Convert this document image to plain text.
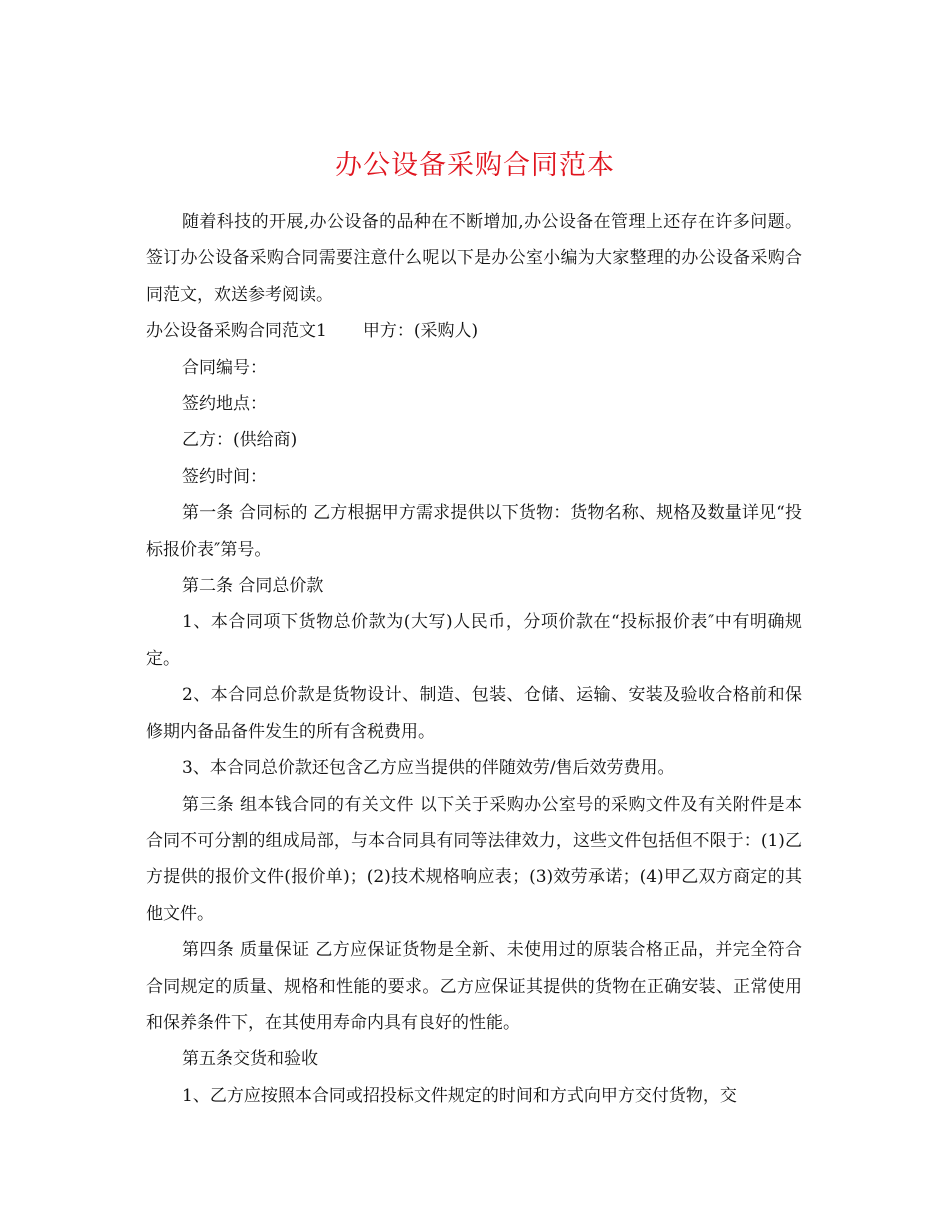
办公设备采购合同范本

随着科技的开展,办公设备的品种在不断增加,办公设备在管理上还存在许多问题。签订办公设备采购合同需要注意什么呢以下是办公室小编为大家整理的办公设备采购合同范文，欢送参考阅读。

办公设备采购合同范文1 甲方：(采购人)

合同编号：

签约地点：

乙方：(供给商)

签约时间：

第一条 合同标的 乙方根据甲方需求提供以下货物：货物名称、规格及数量详见“投标报价表″第号。

第二条 合同总价款

1、本合同项下货物总价款为(大写)人民币，分项价款在“投标报价表″中有明确规定。

2、本合同总价款是货物设计、制造、包装、仓储、运输、安装及验收合格前和保修期内备品备件发生的所有含税费用。

3、本合同总价款还包含乙方应当提供的伴随效劳/售后效劳费用。

第三条 组本钱合同的有关文件 以下关于采购办公室号的采购文件及有关附件是本合同不可分割的组成局部，与本合同具有同等法律效力，这些文件包括但不限于：(1)乙方提供的报价文件(报价单)；(2)技术规格响应表；(3)效劳承诺；(4)甲乙双方商定的其他文件。

第四条 质量保证 乙方应保证货物是全新、未使用过的原装合格正品，并完全符合合同规定的质量、规格和性能的要求。乙方应保证其提供的货物在正确安装、正常使用和保养条件下，在其使用寿命内具有良好的性能。

第五条交货和验收

1、乙方应按照本合同或招投标文件规定的时间和方式向甲方交付货物，交
